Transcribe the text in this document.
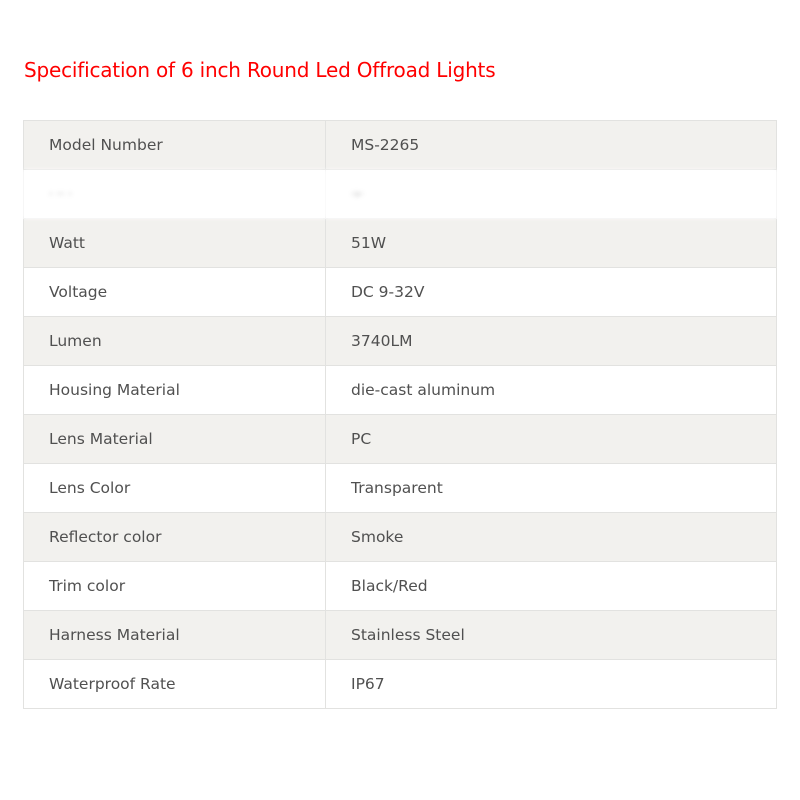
Specification of 6 inch Round Led Offroad Lights
Model Number	MS-2265
· ·· ·	·›·
Watt	51W
Voltage	DC 9-32V
Lumen	3740LM
Housing Material	die-cast aluminum
Lens Material	PC
Lens Color	Transparent
Reflector color	Smoke
Trim color	Black/Red
Harness Material	Stainless Steel
Waterproof Rate	IP67
